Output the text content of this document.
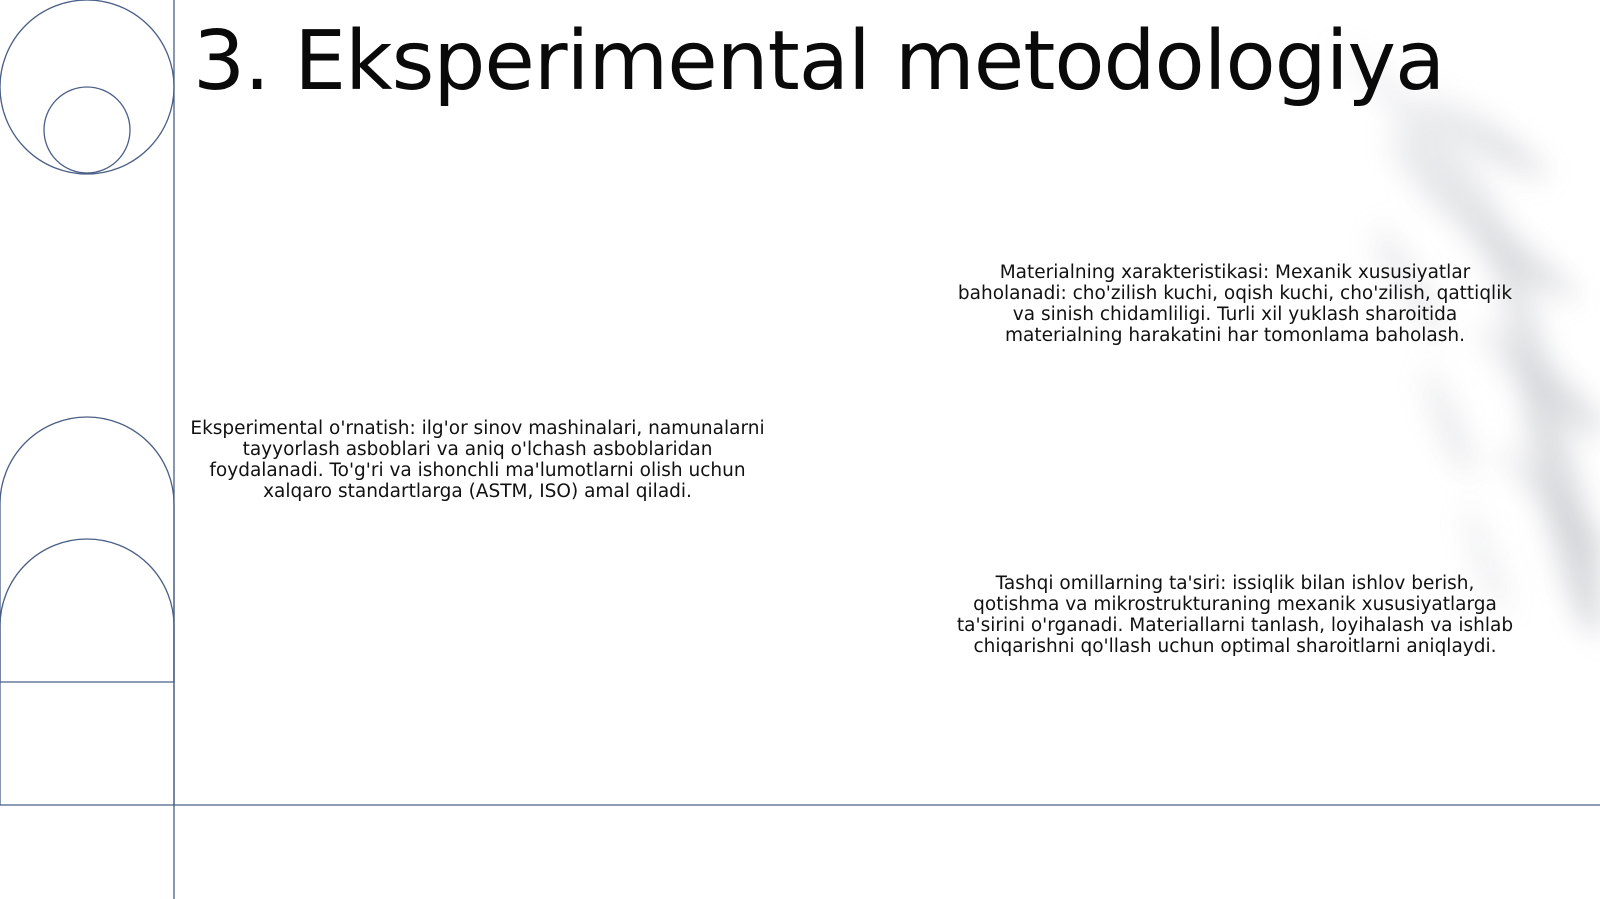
3. Eksperimental metodologiya

Materialning xarakteristikasi: Mexanik xususiyatlar baholanadi: cho'zilish kuchi, oqish kuchi, cho'zilish, qattiqlik va sinish chidamliligi. Turli xil yuklash sharoitida materialning harakatini har tomonlama baholash.

Eksperimental o'rnatish: ilg'or sinov mashinalari, namunalarni tayyorlash asboblari va aniq o'lchash asboblaridan foydalanadi. To'g'ri va ishonchli ma'lumotlarni olish uchun xalqaro standartlarga (ASTM, ISO) amal qiladi.

Tashqi omillarning ta'siri: issiqlik bilan ishlov berish, qotishma va mikrostrukturaning mexanik xususiyatlarga ta'sirini o'rganadi. Materiallarni tanlash, loyihalash va ishlab chiqarishni qo'llash uchun optimal sharoitlarni aniqlaydi.
